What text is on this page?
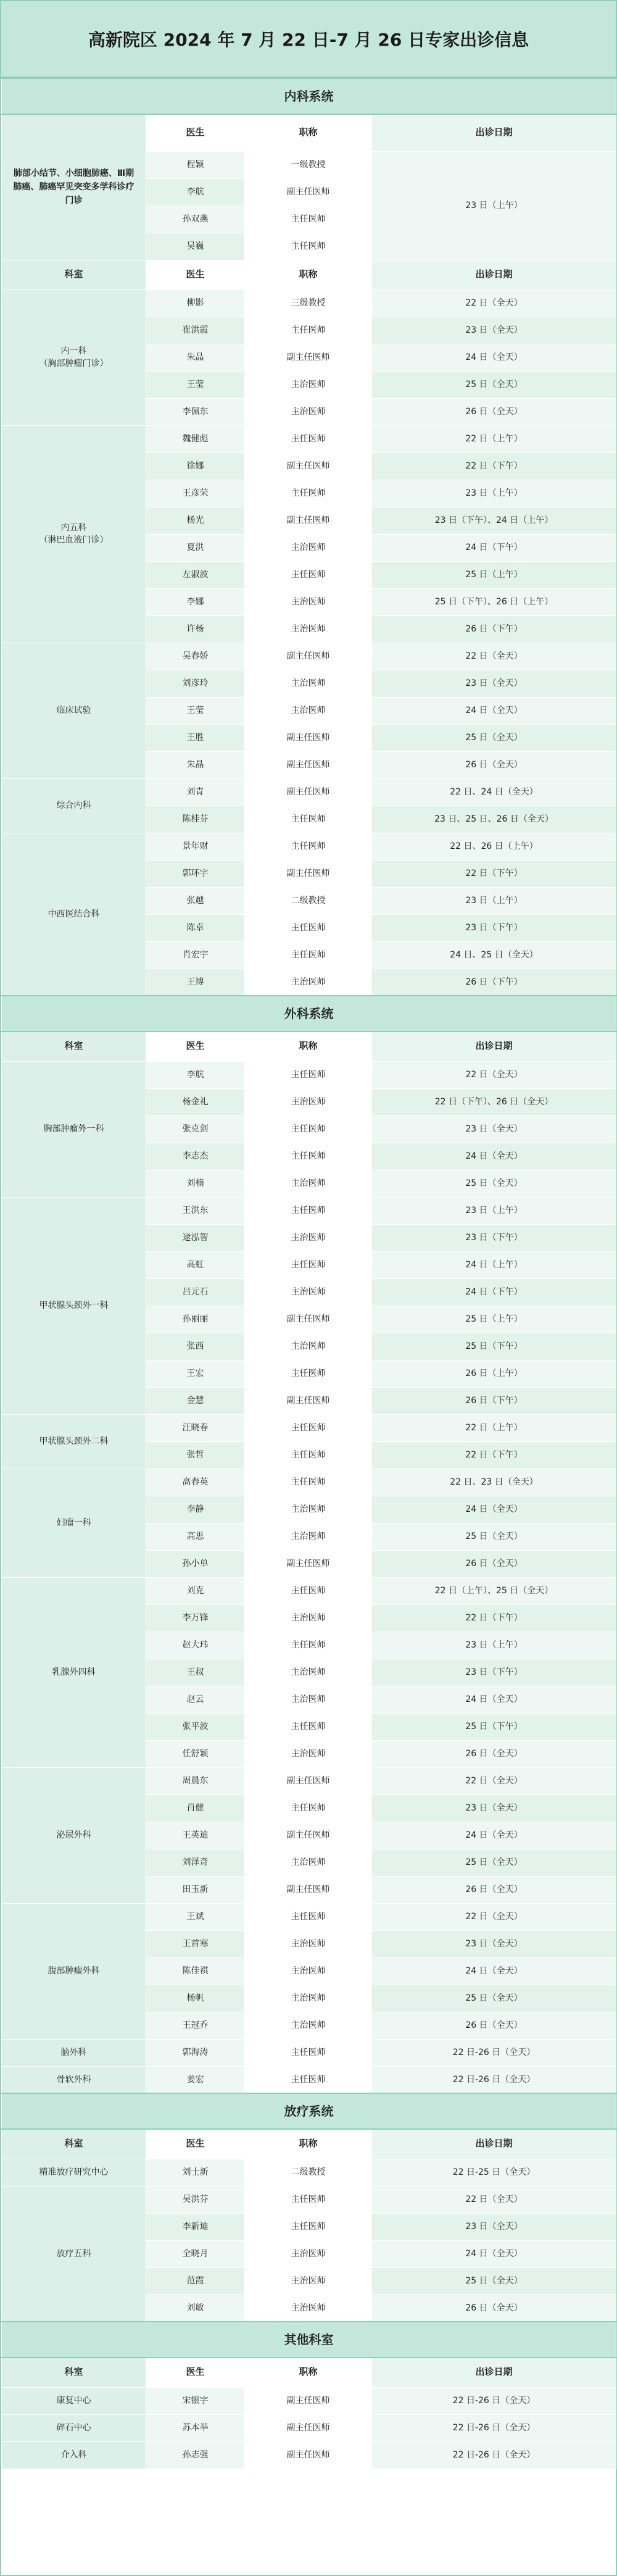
高新院区 2024 年 7 月 22 日-7 月 26 日专家出诊信息
内科系统			
肺部小结节、小细胞肺癌、Ⅲ期肺癌、肺癌罕见突变多学科诊疗门诊	医生	职称	出诊日期
	程颖	一级教授	23 日（上午）
	李航	副主任医师	
	孙双燕	主任医师	
	吴巍	主任医师	
科室	医生	职称	出诊日期
内一科
（胸部肿瘤门诊）	柳影	三级教授	22 日（全天）
	崔洪霞	主任医师	23 日（全天）
	朱晶	副主任医师	24 日（全天）
	王莹	主治医师	25 日（全天）
	李佩东	主治医师	26 日（全天）
内五科
（淋巴血液门诊）	魏健彪	主任医师	22 日（上午）
	徐娜	副主任医师	22 日（下午）
	王彦荣	主任医师	23 日（上午）
	杨光	副主任医师	23 日（下午）、24 日（上午）
	夏洪	主治医师	24 日（下午）
	左淑波	主任医师	25 日（上午）
	李娜	主治医师	25 日（下午）、26 日（上午）
	许杨	主治医师	26 日（下午）
临床试验	吴春娇	副主任医师	22 日（全天）
	刘彦玲	主治医师	23 日（全天）
	王莹	主治医师	24 日（全天）
	王胜	副主任医师	25 日（全天）
	朱晶	副主任医师	26 日（全天）
综合内科	刘青	副主任医师	22 日、24 日（全天）
	陈桂芬	主任医师	23 日、25 日、26 日（全天）
中西医结合科	景年财	主任医师	22 日、26 日（上午）
	郭环宇	副主任医师	22 日（下午）
	张越	二级教授	23 日（上午）
	陈卓	主任医师	23 日（下午）
	肖宏宇	主任医师	24 日、25 日（全天）
	王博	主治医师	26 日（下午）
外科系统			
科室	医生	职称	出诊日期
胸部肿瘤外一科	李航	主任医师	22 日（全天）
	杨金礼	主治医师	22 日（下午）、26 日（全天）
	张克剑	主任医师	23 日（全天）
	李志杰	主任医师	24 日（全天）
	刘楠	主治医师	25 日（全天）
甲状腺头颈外一科	王洪东	主任医师	23 日（上午）
	逯泓智	主治医师	23 日（下午）
	高虹	主任医师	24 日（上午）
	吕元石	主治医师	24 日（下午）
	孙丽丽	副主任医师	25 日（上午）
	张西	主治医师	25 日（下午）
	王宏	主任医师	26 日（上午）
	金慧	副主任医师	26 日（下午）
甲状腺头颈外二科	汪晓春	主任医师	22 日（上午）
	张哲	主任医师	22 日（下午）
妇瘤一科	高春英	主任医师	22 日、23 日（全天）
	李静	主治医师	24 日（全天）
	高思	主治医师	25 日（全天）
	孙小单	副主任医师	26 日（全天）
乳腺外四科	刘克	主任医师	22 日（上午）、25 日（全天）
	李万锋	主治医师	22 日（下午）
	赵大玮	主任医师	23 日（上午）
	王叔	主治医师	23 日（下午）
	赵云	主治医师	24 日（全天）
	张平波	主任医师	25 日（下午）
	任舒颖	主治医师	26 日（全天）
泌尿外科	周晨东	副主任医师	22 日（全天）
	肖健	主任医师	23 日（全天）
	王英迪	副主任医师	24 日（全天）
	刘泽奇	主治医师	25 日（全天）
	田玉新	副主任医师	26 日（全天）
腹部肿瘤外科	王斌	主任医师	22 日（全天）
	王首寒	主治医师	23 日（全天）
	陈佳祺	主治医师	24 日（全天）
	杨帆	主治医师	25 日（全天）
	王冠乔	主治医师	26 日（全天）
脑外科	郭海涛	主任医师	22 日-26 日（全天）
骨软外科	姜宏	主任医师	22 日-26 日（全天）
放疗系统			
科室	医生	职称	出诊日期
精准放疗研究中心	刘士新	二级教授	22 日-25 日（全天）
放疗五科	吴洪芬	主任医师	22 日（全天）
	李新迪	主任医师	23 日（全天）
	全晓月	主治医师	24 日（全天）
	范霞	主治医师	25 日（全天）
	刘敏	主治医师	26 日（全天）
其他科室			
科室	医生	职称	出诊日期
康复中心	宋银宇	副主任医师	22 日-26 日（全天）
碎石中心	苏本举	副主任医师	22 日-26 日（全天）
介入科	孙志强	副主任医师	22 日-26 日（全天）
